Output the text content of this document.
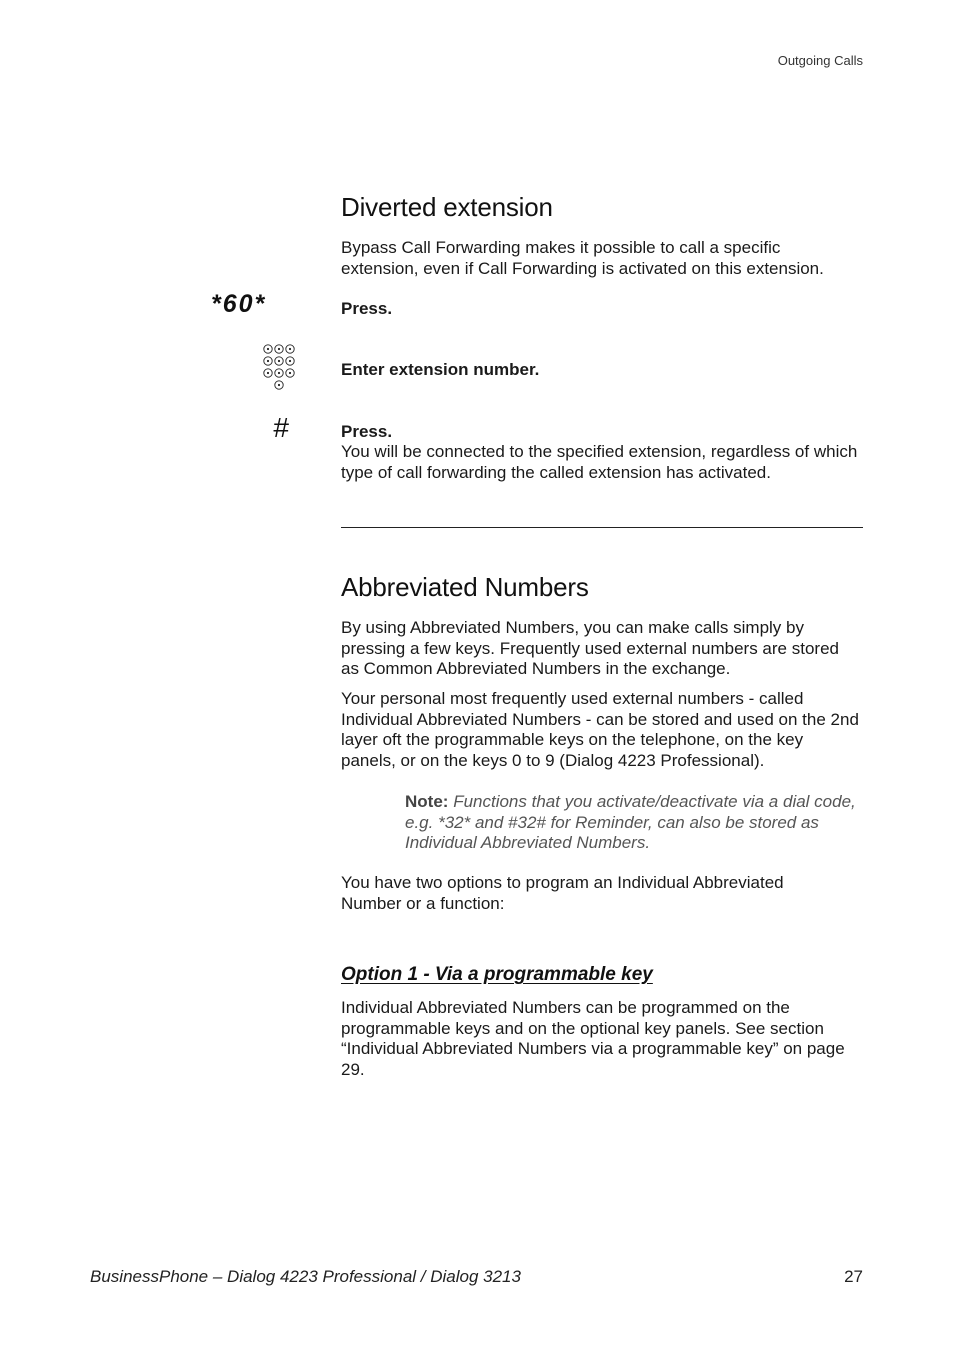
Outgoing Calls
Diverted extension
Bypass Call Forwarding makes it possible to call a specific extension, even if Call Forwarding is activated on this extension.
*60*	Press.
Enter extension number.
#	Press.
You will be connected to the specified extension, regardless of which type of call forwarding the called extension has activated.
Abbreviated Numbers
By using Abbreviated Numbers, you can make calls simply by pressing a few keys. Frequently used external numbers are stored as Common Abbreviated Numbers in the exchange.
Your personal most frequently used external numbers - called Individual Abbreviated Numbers - can be stored and used on the 2nd layer oft the programmable keys on the telephone, on the key panels, or on the keys 0 to 9 (Dialog 4223 Professional).
Note: Functions that you activate/deactivate via a dial code, e.g. *32* and #32# for Reminder, can also be stored as Individual Abbreviated Numbers.
You have two options to program an Individual Abbreviated Number or a function:
Option 1 - Via a programmable key
Individual Abbreviated Numbers can be programmed on the programmable keys and on the optional key panels. See section “Individual Abbreviated Numbers via a programmable key” on page 29.
BusinessPhone – Dialog 4223 Professional / Dialog 3213	27
